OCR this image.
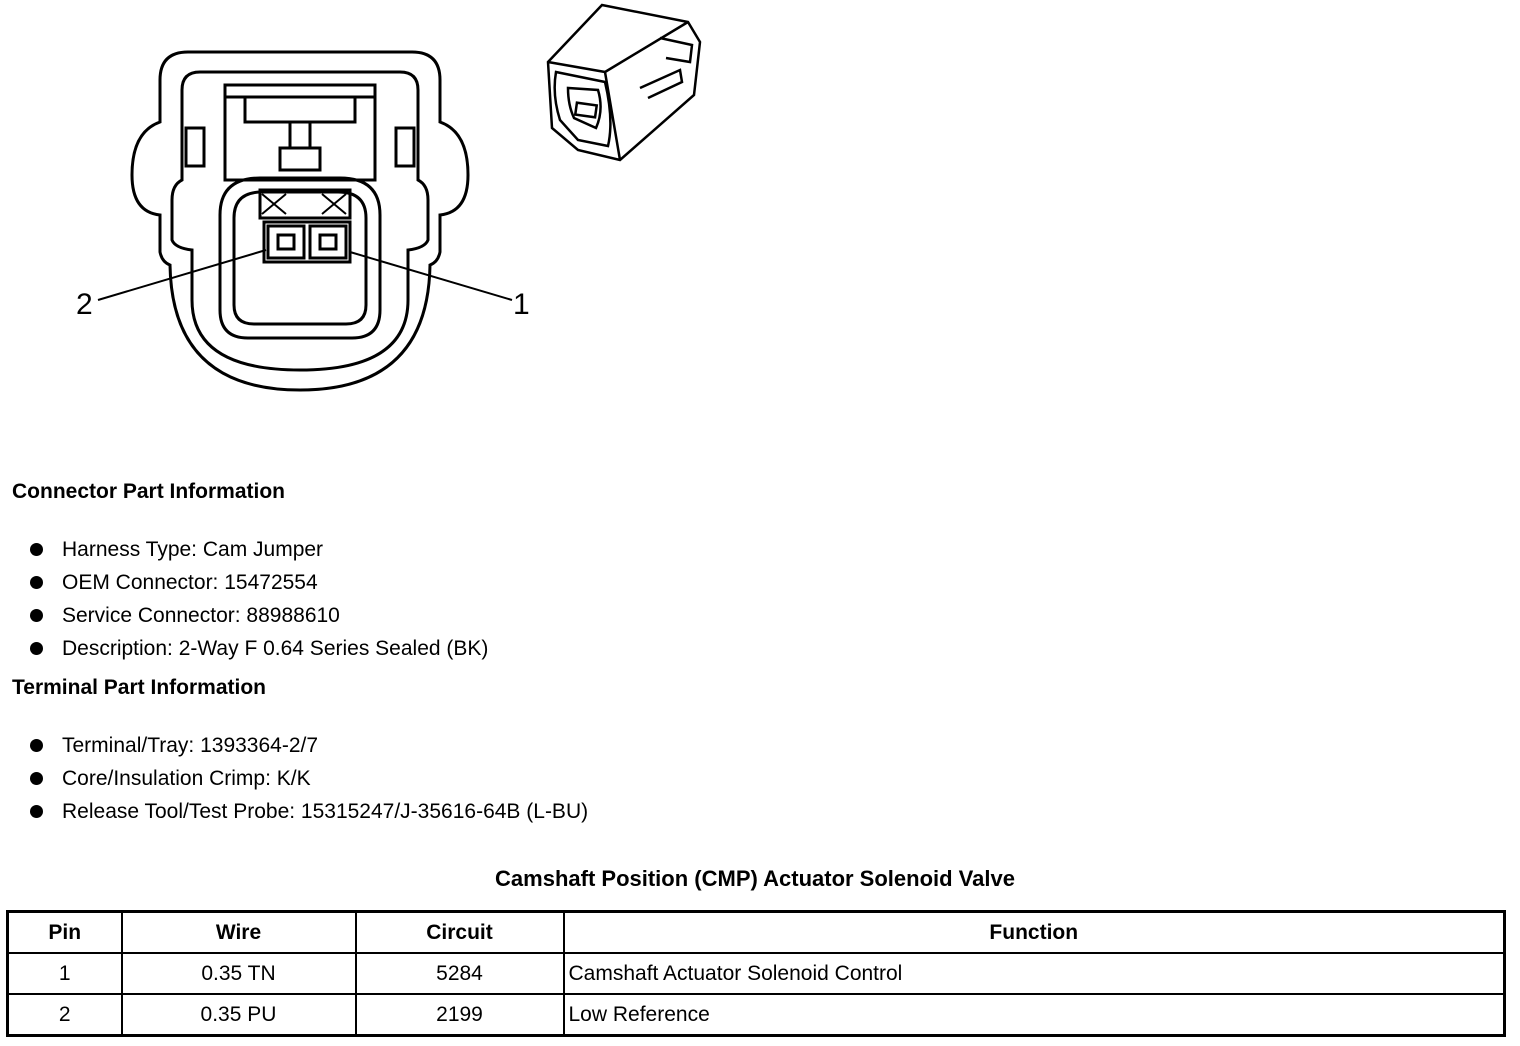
2	1
Connector Part Information
Harness Type: Cam Jumper
OEM Connector: 15472554
Service Connector: 88988610
Description: 2-Way F 0.64 Series Sealed (BK)
Terminal Part Information
Terminal/Tray: 1393364-2/7
Core/Insulation Crimp: K/K
Release Tool/Test Probe: 15315247/J-35616-64B (L-BU)
Camshaft Position (CMP) Actuator Solenoid Valve
Pin	Wire	Circuit	Function
1	0.35 TN	5284	Camshaft Actuator Solenoid Control
2	0.35 PU	2199	Low Reference
